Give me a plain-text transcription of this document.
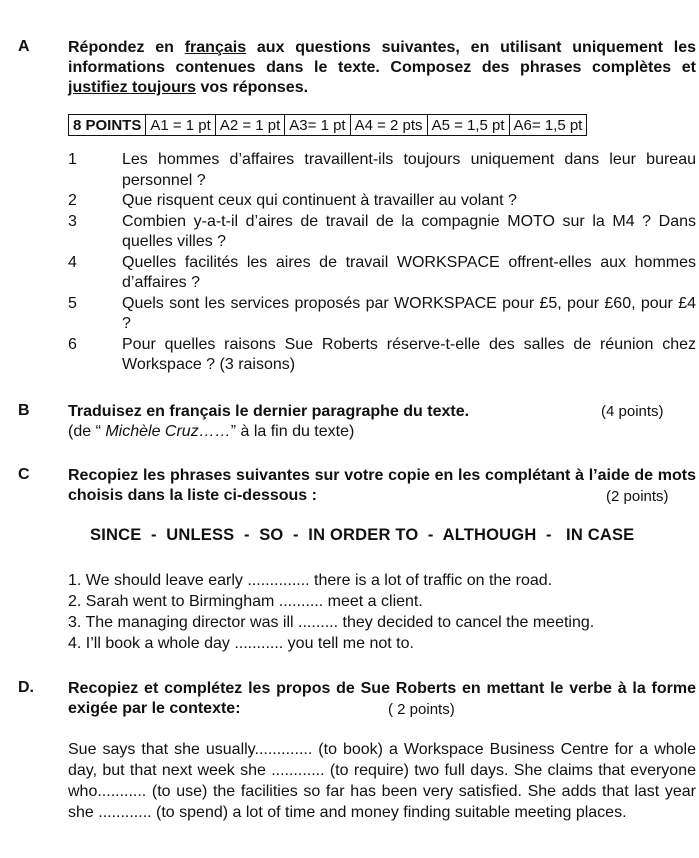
A Répondez en français aux questions suivantes, en utilisant uniquement les informations contenues dans le texte. Composez des phrases complètes et justifiez toujours vos réponses.
8 POINTS	A1 = 1 pt	A2 = 1 pt	A3= 1 pt	A4 = 2 pts	A5 = 1,5 pt	A6= 1,5 pt
1	Les hommes d’affaires travaillent-ils toujours uniquement dans leur bureau personnel ?
2	Que risquent ceux qui continuent à travailler au volant ?
3	Combien y-a-t-il d’aires de travail de la compagnie MOTO sur la M4 ? Dans quelles villes ?
4	Quelles facilités les aires de travail WORKSPACE offrent-elles aux hommes d’affaires ?
5	Quels sont les services proposés par WORKSPACE pour £5, pour £60, pour £4 ?
6	Pour quelles raisons Sue Roberts réserve-t-elle des salles de réunion chez Workspace ? (3 raisons)
B Traduisez en français le dernier paragraphe du texte.
(de “ Michèle Cruz……” à la fin du texte)
(4 points)
C Recopiez les phrases suivantes sur votre copie en les complétant à l’aide de mots choisis dans la liste ci-dessous :	(2 points)
SINCE  -  UNLESS  -  SO  -  IN ORDER TO  -  ALTHOUGH  -   IN CASE
1. We should leave early .............. there is a lot of traffic on the road.
2. Sarah went to Birmingham .......... meet a client.
3. The managing director was ill ......... they decided to cancel the meeting.
4. I’ll book a whole day ........... you tell me not to.
D. Recopiez et complétez les propos de Sue Roberts en mettant le verbe à la forme exigée par le contexte:	( 2 points)
Sue says that she usually............. (to book) a Workspace Business Centre for a whole day, but that next week she ............ (to require) two full days. She claims that everyone who........... (to use) the facilities so far has been very satisfied. She adds that last year she ............ (to spend) a lot of time and money finding suitable meeting places.
